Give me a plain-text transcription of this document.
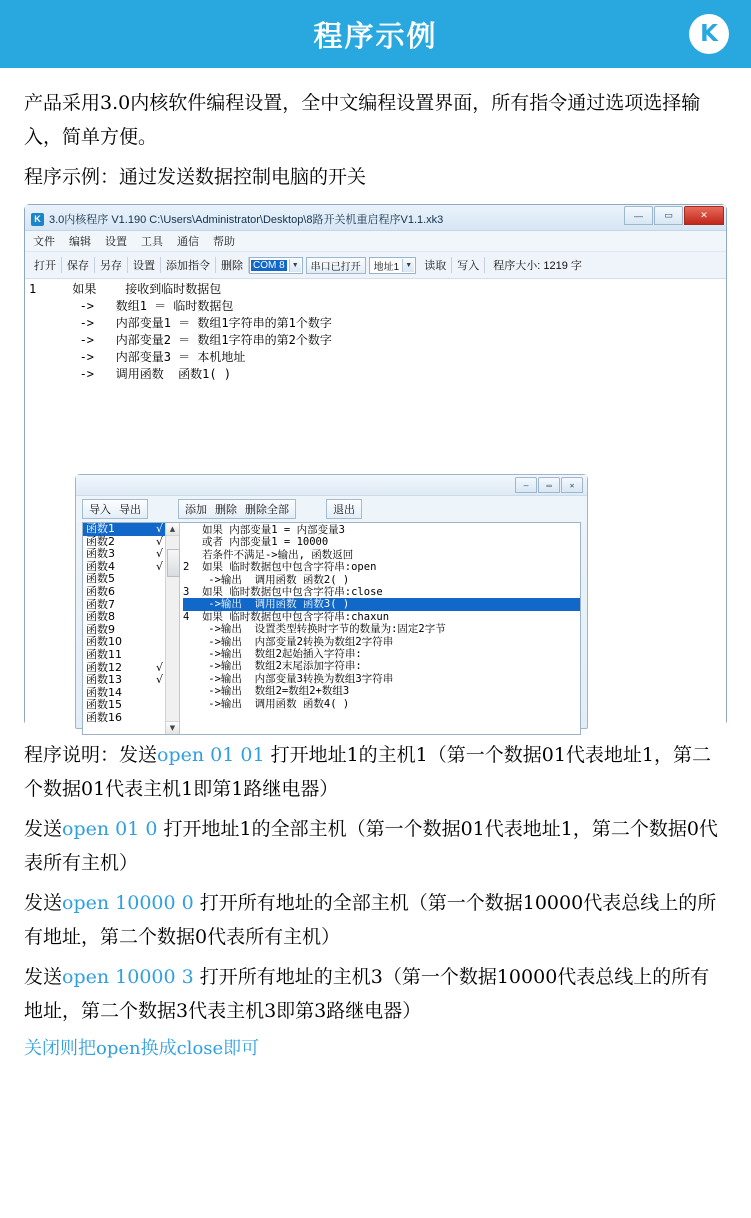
程序示例	K

产品采用3.0内核软件编程设置，全中文编程设置界面，所有指令通过选项选择输入，简单方便。

程序示例：通过发送数据控制电脑的开关

K 3.0内核程序 V1.190 C:\Users\Administrator\Desktop\8路开关机重启程序V1.1.xk3	—	▭	✕
文件 编辑 设置 工具 通信 帮助
打开	保存	另存	设置	添加指令	删除	COM 8	▼	串口已打开	地址1 ▼	读取	写入	程序大小: 1219 字
1     如果    接收到临时数据包
->   数组1 ＝ 临时数据包
->   内部变量1 ＝ 数组1字符串的第1个数字
->   内部变量2 ＝ 数组1字符串的第2个数字
->   内部变量3 ＝ 本机地址
->   调用函数  函数1( )
—	▭	✕
导入 导出	添加 删除 删除全部	退出
函数1	√
函数2	√
函数3	√
函数4	√
函数5
函数6
函数7
函数8
函数9
函数10
函数11
函数12	√
函数13	√
函数14
函数15
函数16
▲
▼
如果 内部变量1 = 内部变量3
或者 内部变量1 = 10000
若条件不满足->输出, 函数返回
2  如果 临时数据包中包含字符串:open
->输出  调用函数 函数2( )
3  如果 临时数据包中包含字符串:close
->输出  调用函数 函数3( )
4  如果 临时数据包中包含字符串:chaxun
->输出  设置类型转换时字节的数量为:固定2字节
->输出  内部变量2转换为数组2字符串
->输出  数组2起始插入字符串:
->输出  数组2末尾添加字符串:
->输出  内部变量3转换为数组3字符串
->输出  数组2=数组2+数组3
->输出  调用函数 函数4( )

程序说明：发送open 01 01 打开地址1的主机1（第一个数据01代表地址1，第二个数据01代表主机1即第1路继电器）

发送open 01 0 打开地址1的全部主机（第一个数据01代表地址1，第二个数据0代表所有主机）

发送open 10000 0 打开所有地址的全部主机（第一个数据10000代表总线上的所有地址，第二个数据0代表所有主机）

发送open 10000 3 打开所有地址的主机3（第一个数据10000代表总线上的所有地址，第二个数据3代表主机3即第3路继电器）

关闭则把open换成close即可
